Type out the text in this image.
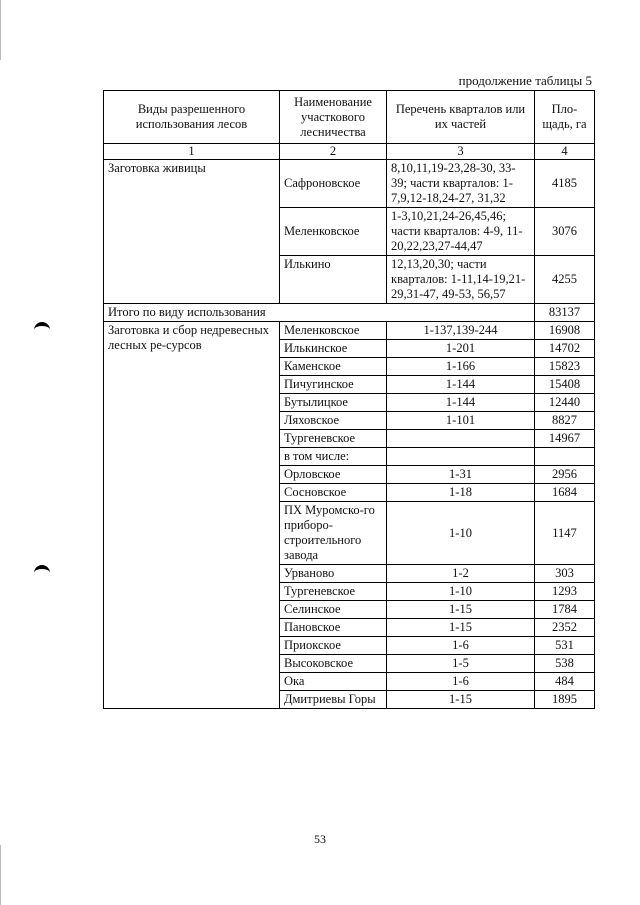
продолжение таблицы 5
Виды разрешенного использования лесов	Наименование участкового лесничества	Перечень кварталов или их частей	Пло-щадь, га
1	2	3	4
Заготовка живицы	Сафроновское	8,10,11,19-23,28-30, 33-39; части кварталов: 1-7,9,12-18,24-27, 31,32	4185
	Меленковское	1-3,10,21,24-26,45,46; части кварталов: 4-9, 11-20,22,23,27-44,47	3076
	Илькино	12,13,20,30; части кварталов: 1-11,14-19,21-29,31-47, 49-53, 56,57	4255
Итого по виду использования			83137
Заготовка и сбор недревесных лесных ре-сурсов	Меленковское	1-137,139-244	16908
	Илькинское	1-201	14702
	Каменское	1-166	15823
	Пичугинское	1-144	15408
	Бутылицкое	1-144	12440
	Ляховское	1-101	8827
	Тургеневское		14967
	в том числе:		
	Орловское	1-31	2956
	Сосновское	1-18	1684
	ПХ Муромско-го приборо-строительного завода	1-10	1147
	Урваново	1-2	303
	Тургеневское	1-10	1293
	Селинское	1-15	1784
	Пановское	1-15	2352
	Приокское	1-6	531
	Высоковское	1-5	538
	Ока	1-6	484
	Дмитриевы Горы	1-15	1895
53
